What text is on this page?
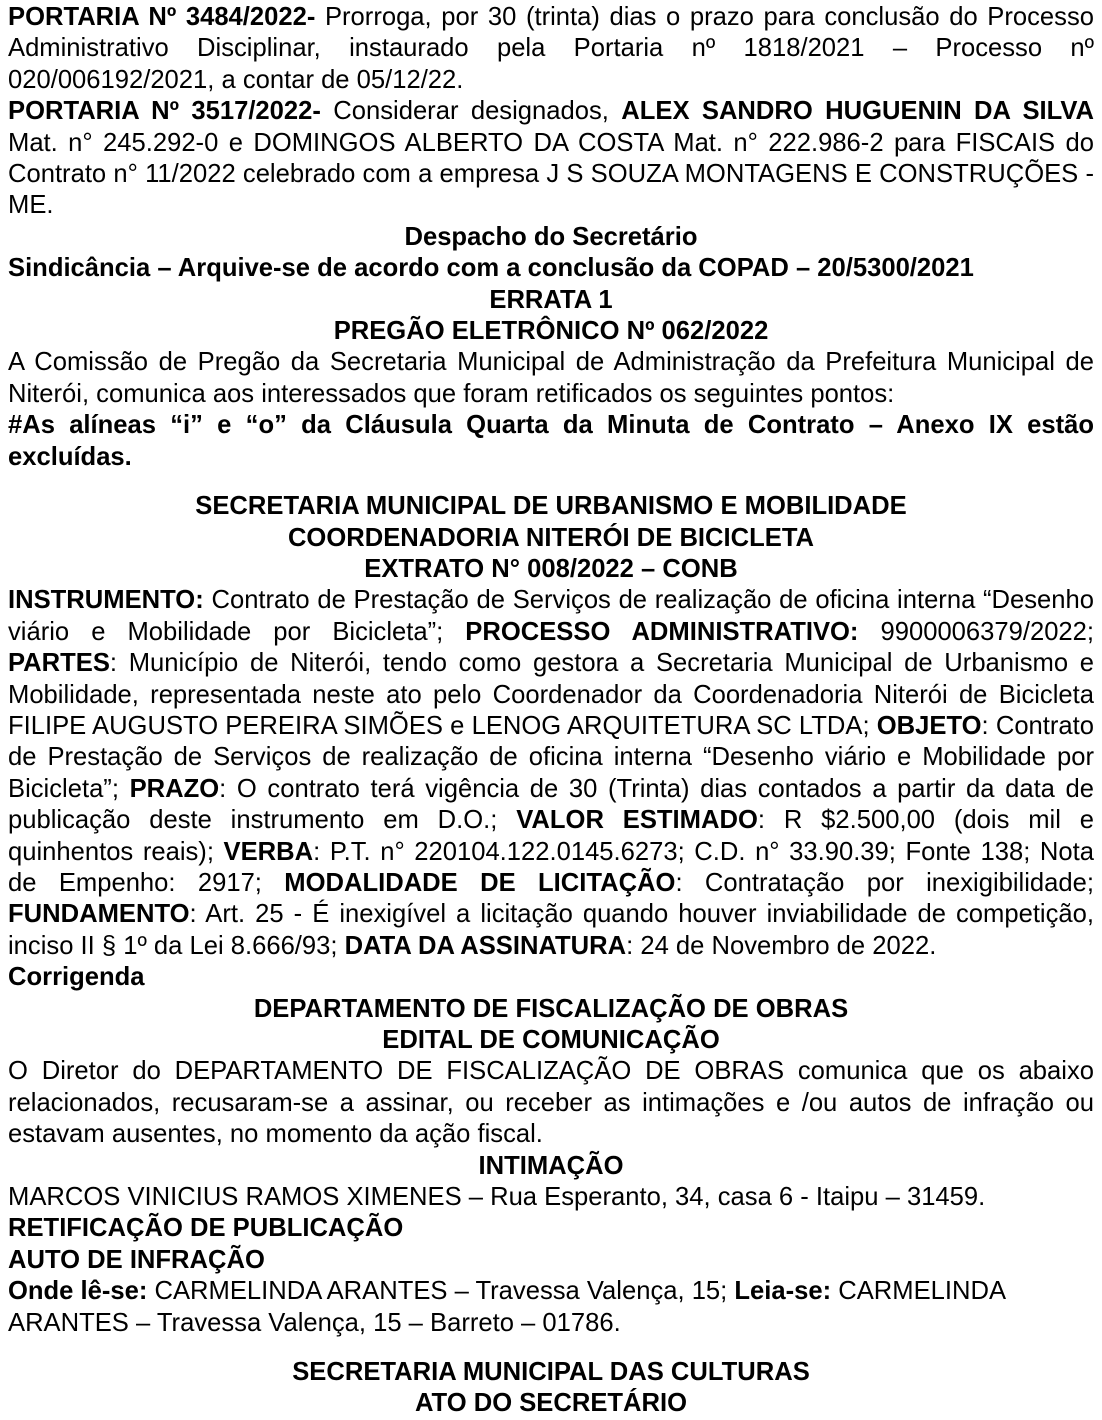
PORTARIA Nº 3484/2022- Prorroga, por 30 (trinta) dias o prazo para conclusão do Processo Administrativo Disciplinar, instaurado pela Portaria nº 1818/2021 – Processo nº 020/006192/2021, a contar de 05/12/22.

PORTARIA Nº 3517/2022- Considerar designados, ALEX SANDRO HUGUENIN DA SILVA Mat. n° 245.292-0 e DOMINGOS ALBERTO DA COSTA Mat. n° 222.986-2 para FISCAIS do Contrato n° 11/2022 celebrado com a empresa J S SOUZA MONTAGENS E CONSTRUÇÕES - ME.

Despacho do Secretário

Sindicância – Arquive-se de acordo com a conclusão da COPAD – 20/5300/2021

ERRATA 1

PREGÃO ELETRÔNICO Nº 062/2022

A Comissão de Pregão da Secretaria Municipal de Administração da Prefeitura Municipal de Niterói, comunica aos interessados que foram retificados os seguintes pontos:

#As alíneas “i” e “o” da Cláusula Quarta da Minuta de Contrato – Anexo IX estão excluídas.

SECRETARIA MUNICIPAL DE URBANISMO E MOBILIDADE

COORDENADORIA NITERÓI DE BICICLETA

EXTRATO N° 008/2022 – CONB

INSTRUMENTO: Contrato de Prestação de Serviços de realização de oficina interna “Desenho viário e Mobilidade por Bicicleta”; PROCESSO ADMINISTRATIVO: 9900006379/2022; PARTES: Município de Niterói, tendo como gestora a Secretaria Municipal de Urbanismo e Mobilidade, representada neste ato pelo Coordenador da Coordenadoria Niterói de Bicicleta FILIPE AUGUSTO PEREIRA SIMÕES e LENOG ARQUITETURA SC LTDA; OBJETO: Contrato de Prestação de Serviços de realização de oficina interna “Desenho viário e Mobilidade por Bicicleta”; PRAZO: O contrato terá vigência de 30 (Trinta) dias contados a partir da data de publicação deste instrumento em D.O.; VALOR ESTIMADO: R $2.500,00 (dois mil e quinhentos reais); VERBA: P.T. n° 220104.122.0145.6273; C.D. n° 33.90.39; Fonte 138; Nota de Empenho: 2917; MODALIDADE DE LICITAÇÃO: Contratação por inexigibilidade; FUNDAMENTO: Art. 25 - É inexigível a licitação quando houver inviabilidade de competição, inciso II § 1º da Lei 8.666/93; DATA DA ASSINATURA: 24 de Novembro de 2022.

Corrigenda

DEPARTAMENTO DE FISCALIZAÇÃO DE OBRAS

EDITAL DE COMUNICAÇÃO

O Diretor do DEPARTAMENTO DE FISCALIZAÇÃO DE OBRAS comunica que os abaixo relacionados, recusaram-se a assinar, ou receber as intimações e /ou autos de infração ou estavam ausentes, no momento da ação fiscal.

INTIMAÇÃO

MARCOS VINICIUS RAMOS XIMENES – Rua Esperanto, 34, casa 6 - Itaipu – 31459.

RETIFICAÇÃO DE PUBLICAÇÃO

AUTO DE INFRAÇÃO

Onde lê-se: CARMELINDA ARANTES – Travessa Valença, 15; Leia-se: CARMELINDA ARANTES – Travessa Valença, 15 – Barreto – 01786.

SECRETARIA MUNICIPAL DAS CULTURAS

ATO DO SECRETÁRIO
